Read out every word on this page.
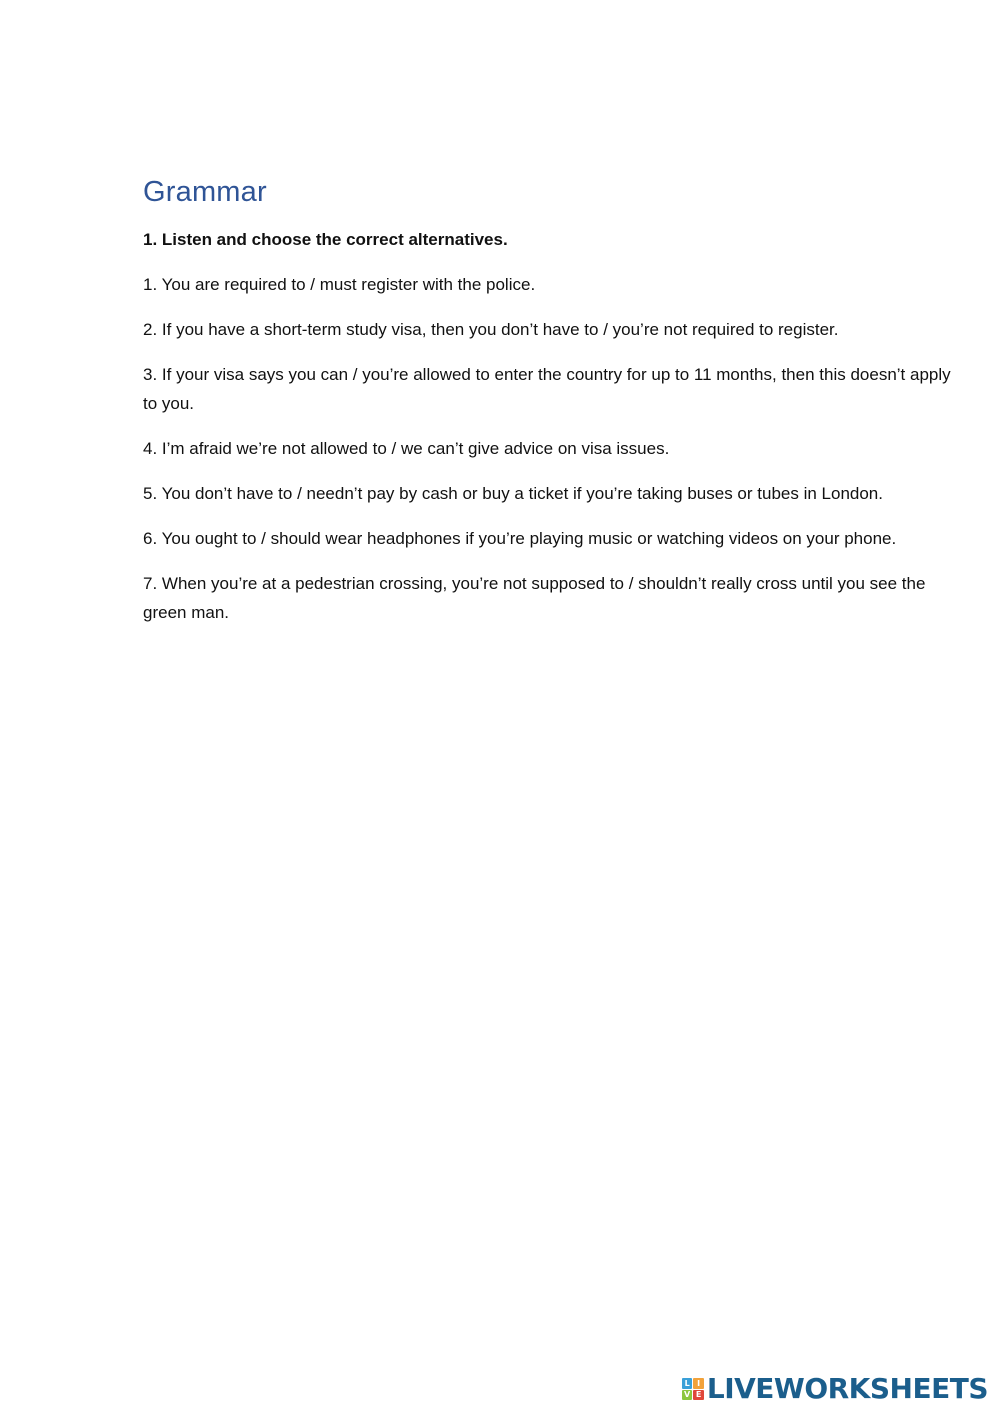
Grammar

1. Listen and choose the correct alternatives.

1. You are required to / must register with the police.
2. If you have a short-term study visa, then you don’t have to / you’re not required to register.
3. If your visa says you can / you’re allowed to enter the country for up to 11 months, then this doesn’t apply to you.
4. I’m afraid we’re not allowed to / we can’t give advice on visa issues.
5. You don’t have to / needn’t pay by cash or buy a ticket if you’re taking buses or tubes in London.
6. You ought to / should wear headphones if you’re playing music or watching videos on your phone.
7. When you’re at a pedestrian crossing, you’re not supposed to / shouldn’t really cross until you see the green man.
L I
V E LIVEWORKSHEETS
